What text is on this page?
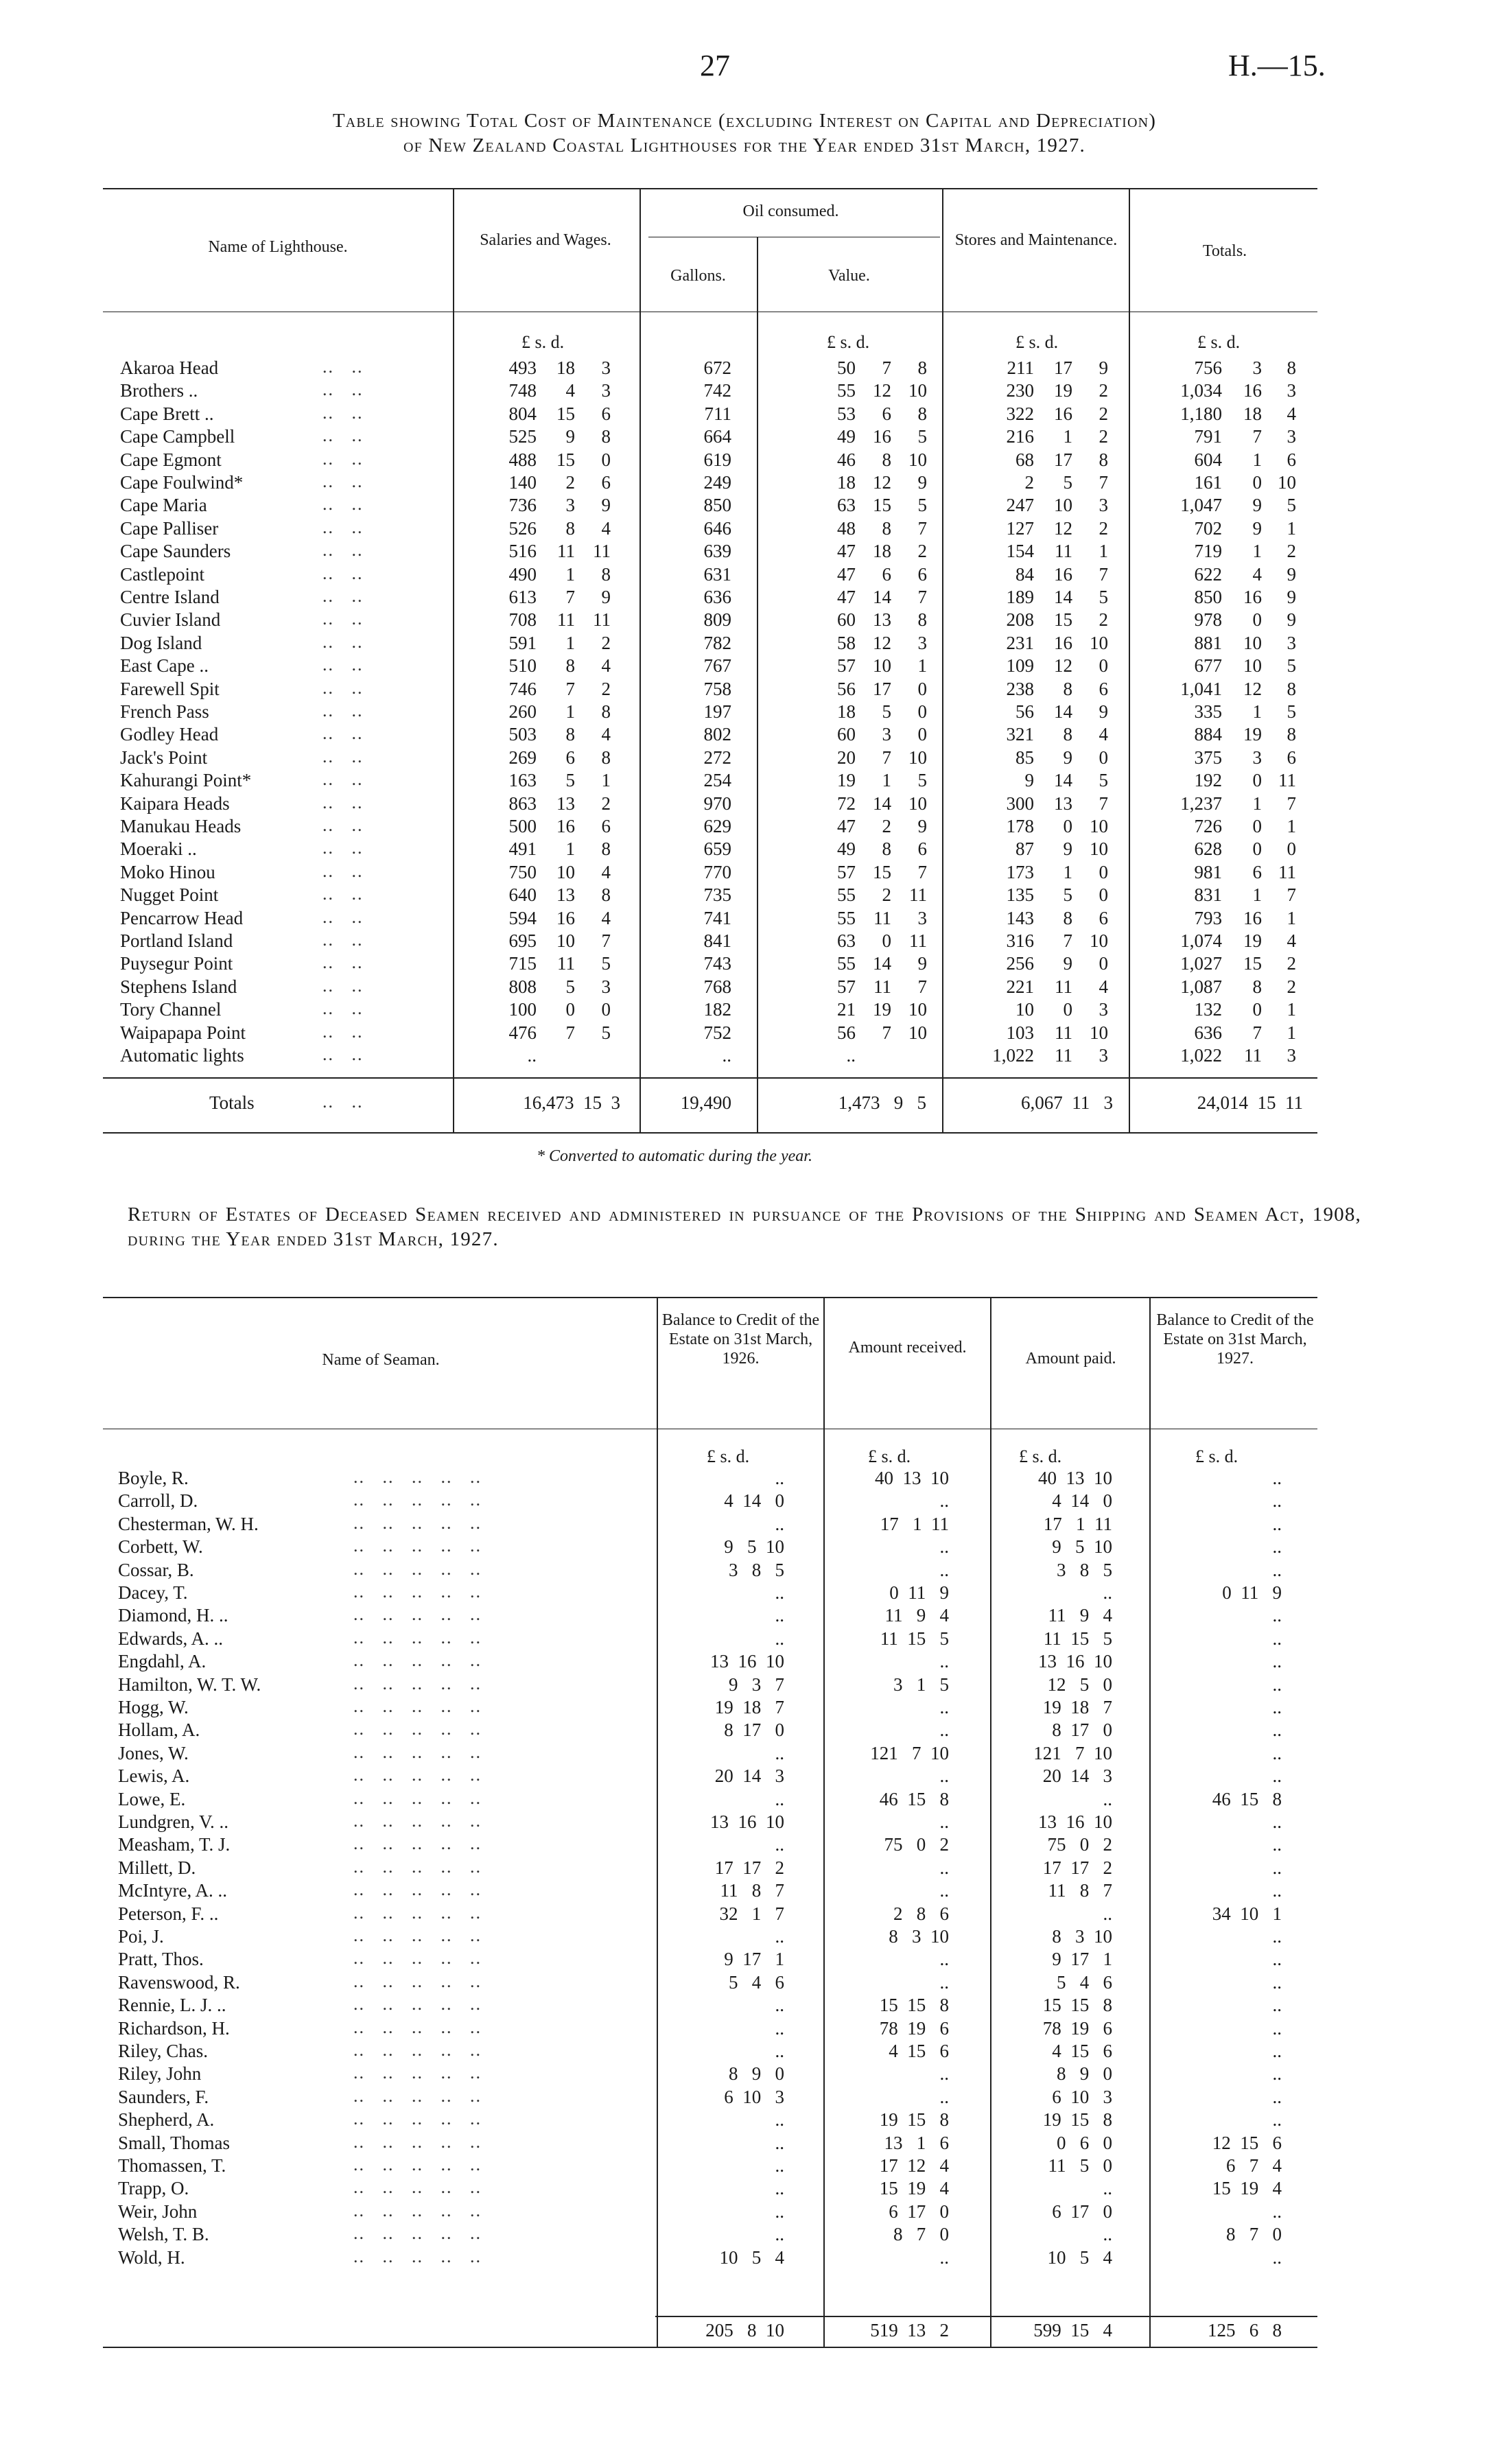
27	H.—15.
Table showing Total Cost of Maintenance (excluding Interest on Capital and Depreciation)
of New Zealand Coastal Lighthouses for the Year ended 31st March, 1927.
Name of Lighthouse.	Salaries and Wages.
Oil consumed.
Gallons.	Value.
Stores and Maintenance.
Totals.
£ s. d.	£ s. d.	£ s. d.	£ s. d.
Akaroa Head	..   ..	493	18	3	672	50	7	8	211	17	9	756	3	8
Brothers ..	..   ..	748	4	3	742	55 12 10	230	19	2	1,034	16	3
Cape Brett ..	..   ..	804	15	6	711	53	6	8	322	16	2	1,180	18	4
Cape Campbell	..   ..	525	9	8	664	49 16	5	216	1	2	791	7	3
Cape Egmont	..   ..	488	15	0	619	46	8 10	68	17	8	604	1	6
Cape Foulwind*	..   ..	140	2	6	249	18 12	9	2	5	7	161	0 10
Cape Maria	..   ..	736	3	9	850	63 15	5	247	10	3	1,047	9	5
Cape Palliser	..   ..	526	8	4	646	48	8	7	127	12	2	702	9	1
Cape Saunders	..   ..	516	11 11	639	47 18	2	154	11	1	719	1	2
Castlepoint	..   ..	490	1	8	631	47	6	6	84	16	7	622	4	9
Centre Island	..   ..	613	7	9	636	47 14	7	189	14	5	850	16	9
Cuvier Island	..   ..	708	11 11	809	60 13	8	208	15	2	978	0	9
Dog Island	..   ..	591	1	2	782	58 12	3	231	16 10	881	10	3
East Cape ..	..   ..	510	8	4	767	57 10	1	109	12	0	677	10	5
Farewell Spit	..   ..	746	7	2	758	56 17	0	238	8	6	1,041	12	8
French Pass	..   ..	260	1	8	197	18	5	0	56	14	9	335	1	5
Godley Head	..   ..	503	8	4	802	60	3	0	321	8	4	884	19	8
Jack's Point	..   ..	269	6	8	272	20	7 10	85	9	0	375	3	6
Kahurangi Point*	..   ..	163	5	1	254	19	1	5	9	14	5	192	0 11
Kaipara Heads	..   ..	863	13	2	970	72 14 10	300	13	7	1,237	1	7
Manukau Heads	..   ..	500	16	6	629	47	2	9	178	0 10	726	0	1
Moeraki ..	..   ..	491	1	8	659	49	8	6	87	9 10	628	0	0
Moko Hinou	..   ..	750	10	4	770	57 15	7	173	1	0	981	6 11
Nugget Point	..   ..	640	13	8	735	55	2 11	135	5	0	831	1	7
Pencarrow Head	..   ..	594	16	4	741	55 11	3	143	8	6	793	16	1
Portland Island	..   ..	695	10	7	841	63	0 11	316	7 10	1,074	19	4
Puysegur Point	..   ..	715	11	5	743	55 14	9	256	9	0	1,027	15	2
Stephens Island	..   ..	808	5	3	768	57 11	7	221	11	4	1,087	8	2
Tory Channel	..   ..	100	0	0	182	21 19 10	10	0	3	132	0	1
Waipapapa Point	..   ..	476	7	5	752	56	7 10	103	11 10	636	7	1
Automatic lights	..   ..	..	..	..	1,022	11	3	1,022	11	3
Totals	..   ..	16,473  15  3	19,490	1,473   9   5	6,067  11   3	24,014  15  11
* Converted to automatic during the year.
Return of Estates of Deceased Seamen received and administered in pursuance of the Provisions of the Shipping and Seamen Act, 1908, during the Year ended 31st March, 1927.
Name of Seaman.
Balance to Credit of the Estate on 31st March, 1926.
Amount received.
Amount paid.
Balance to Credit of the Estate on 31st March, 1927.
£ s. d.	£ s. d.	£ s. d.	£ s. d.
Boyle, R.	..   ..   ..   ..   ..	..	40  13  10	40  13  10	..
Carroll, D.	..   ..   ..   ..   ..	4  14   0	..	4  14   0	..
Chesterman, W. H.	..   ..   ..   ..   ..	..	17   1  11	17   1  11	..
Corbett, W.	..   ..   ..   ..   ..	9   5  10	..	9   5  10	..
Cossar, B.	..   ..   ..   ..   ..	3   8   5	..	3   8   5	..
Dacey, T.	..   ..   ..   ..   ..	..	0  11   9	..	0  11   9
Diamond, H. ..	..   ..   ..   ..   ..	..	11   9   4	11   9   4	..
Edwards, A. ..	..   ..   ..   ..   ..	..	11  15   5	11  15   5	..
Engdahl, A.	..   ..   ..   ..   ..	13  16  10	..	13  16  10	..
Hamilton, W. T. W.	..   ..   ..   ..   ..	9   3   7	3   1   5	12   5   0	..
Hogg, W.	..   ..   ..   ..   ..	19  18   7	..	19  18   7	..
Hollam, A.	..   ..   ..   ..   ..	8  17   0	..	8  17   0	..
Jones, W.	..   ..   ..   ..   ..	..	121   7  10	121   7  10	..
Lewis, A.	..   ..   ..   ..   ..	20  14   3	..	20  14   3	..
Lowe, E.	..   ..   ..   ..   ..	..	46  15   8	..	46  15   8
Lundgren, V. ..	..   ..   ..   ..   ..	13  16  10	..	13  16  10	..
Measham, T. J.	..   ..   ..   ..   ..	..	75   0   2	75   0   2	..
Millett, D.	..   ..   ..   ..   ..	17  17   2	..	17  17   2	..
McIntyre, A. ..	..   ..   ..   ..   ..	11   8   7	..	11   8   7	..
Peterson, F. ..	..   ..   ..   ..   ..	32   1   7	2   8   6	..	34  10   1
Poi, J.	..   ..   ..   ..   ..	..	8   3  10	8   3  10	..
Pratt, Thos.	..   ..   ..   ..   ..	9  17   1	..	9  17   1	..
Ravenswood, R.	..   ..   ..   ..   ..	5   4   6	..	5   4   6	..
Rennie, L. J. ..	..   ..   ..   ..   ..	..	15  15   8	15  15   8	..
Richardson, H.	..   ..   ..   ..   ..	..	78  19   6	78  19   6	..
Riley, Chas.	..   ..   ..   ..   ..	..	4  15   6	4  15   6	..
Riley, John	..   ..   ..   ..   ..	8   9   0	..	8   9   0	..
Saunders, F.	..   ..   ..   ..   ..	6  10   3	..	6  10   3	..
Shepherd, A.	..   ..   ..   ..   ..	..	19  15   8	19  15   8	..
Small, Thomas	..   ..   ..   ..   ..	..	13   1   6	0   6   0	12  15   6
Thomassen, T.	..   ..   ..   ..   ..	..	17  12   4	11   5   0	6   7   4
Trapp, O.	..   ..   ..   ..   ..	..	15  19   4	..	15  19   4
Weir, John	..   ..   ..   ..   ..	..	6  17   0	6  17   0	..
Welsh, T. B.	..   ..   ..   ..   ..	..	8   7   0	..	8   7   0
Wold, H.	..   ..   ..   ..   ..	10   5   4	..	10   5   4	..
205   8  10	519  13   2	599  15   4	125   6   8
